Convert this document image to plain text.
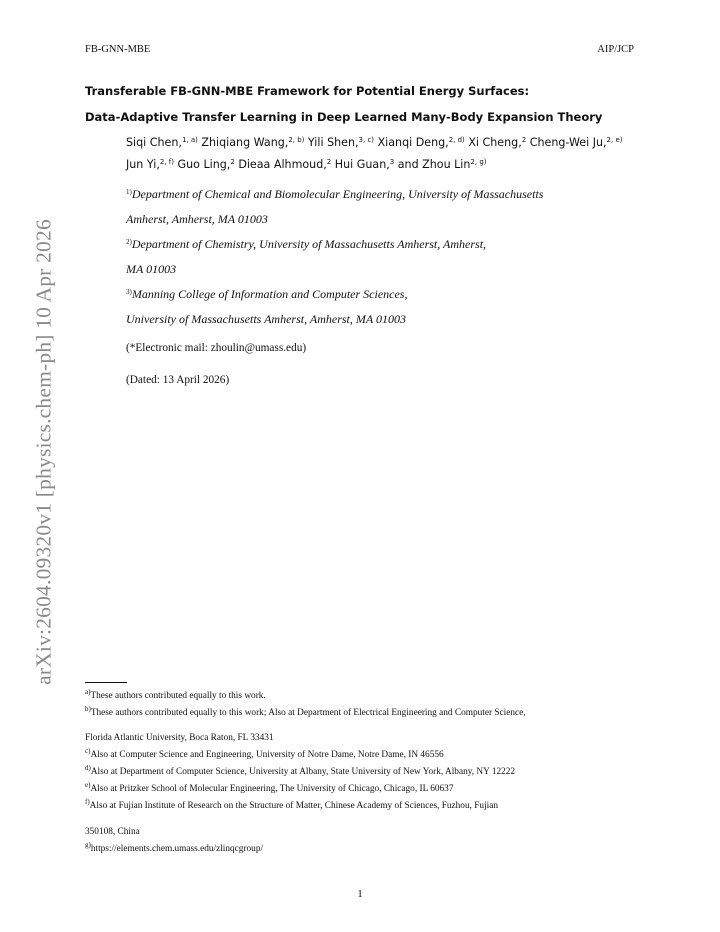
FB-GNN-MBE	AIP/JCP
Transferable FB-GNN-MBE Framework for Potential Energy Surfaces:
Data-Adaptive Transfer Learning in Deep Learned Many-Body Expansion Theory
Siqi Chen,$^{1, a)}$ Zhiqiang Wang,$^{2, b)}$ Yili Shen,$^{3, c)}$ Xianqi Deng,$^{2, d)}$ Xi Cheng,$^2$ Cheng-Wei Ju,$^{2, e)}$ Jun Yi,$^{2, f)}$ Guo Ling,$^2$ Dieaa Alhmoud,$^2$ Hui Guan,$^3$ and Zhou Lin$^{2, g)}$
$^{1)}$Department of Chemical and Biomolecular Engineering, University of Massachusetts
Amherst, Amherst, MA 01003
$^{2)}$Department of Chemistry, University of Massachusetts Amherst, Amherst,
MA 01003
$^{3)}$Manning College of Information and Computer Sciences,
University of Massachusetts Amherst, Amherst, MA 01003
(*Electronic mail: zhoulin@umass.edu)
(Dated: 13 April 2026)
arXiv:2604.09320v1 [physics.chem-ph] 10 Apr 2026
$^{a)}$These authors contributed equally to this work.
$^{b)}$These authors contributed equally to this work; Also at Department of Electrical Engineering and Computer Science,
Florida Atlantic University, Boca Raton, FL 33431
$^{c)}$Also at Computer Science and Engineering, University of Notre Dame, Notre Dame, IN 46556
$^{d)}$Also at Department of Computer Science, University at Albany, State University of New York, Albany, NY 12222
$^{e)}$Also at Pritzker School of Molecular Engineering, The University of Chicago, Chicago, IL 60637
$^{f)}$Also at Fujian Institute of Research on the Structure of Matter, Chinese Academy of Sciences, Fuzhou, Fujian
350108, China
$^{g)}$https://elements.chem.umass.edu/zlinqcgroup/
1
